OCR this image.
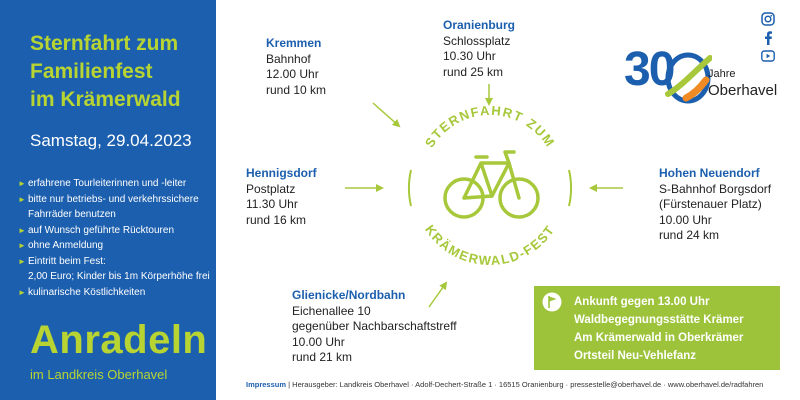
Sternfahrt zum
Familienfest
im Krämerwald
Samstag, 29.04.2023
► erfahrene Tourleiterinnen und -leiter
► bitte nur betriebs- und verkehrssichere
Fahrräder benutzen
► auf Wunsch geführte Rücktouren
► ohne Anmeldung
► Eintritt beim Fest:
2,00 Euro; Kinder bis 1m Körperhöhe frei
► kulinarische Köstlichkeiten
Anradeln
im Landkreis Oberhavel
Kremmen
Bahnhof
12.00 Uhr
rund 10 km
Oranienburg
Schlossplatz
10.30 Uhr
rund 25 km
Hennigsdorf
Postplatz
11.30 Uhr
rund 16 km
Hohen Neuendorf
S-Bahnhof Borgsdorf
(Fürstenauer Platz)
10.00 Uhr
rund 24 km
Glienicke/Nordbahn
Eichenallee 10
gegenüber Nachbarschaftstreff
10.00 Uhr
rund 21 km
STERNFAHRT ZUM
KRÄMERWALD-FEST
30	Jahre
Oberhavel
Ankunft gegen 13.00 Uhr
Waldbegegnungsstätte Krämer
Am Krämerwald in Oberkrämer
Ortsteil Neu-Vehlefanz
Impressum | Herausgeber: Landkreis Oberhavel · Adolf-Dechert-Straße 1 · 16515 Oranienburg · pressestelle@oberhavel.de · www.oberhavel.de/radfahren
